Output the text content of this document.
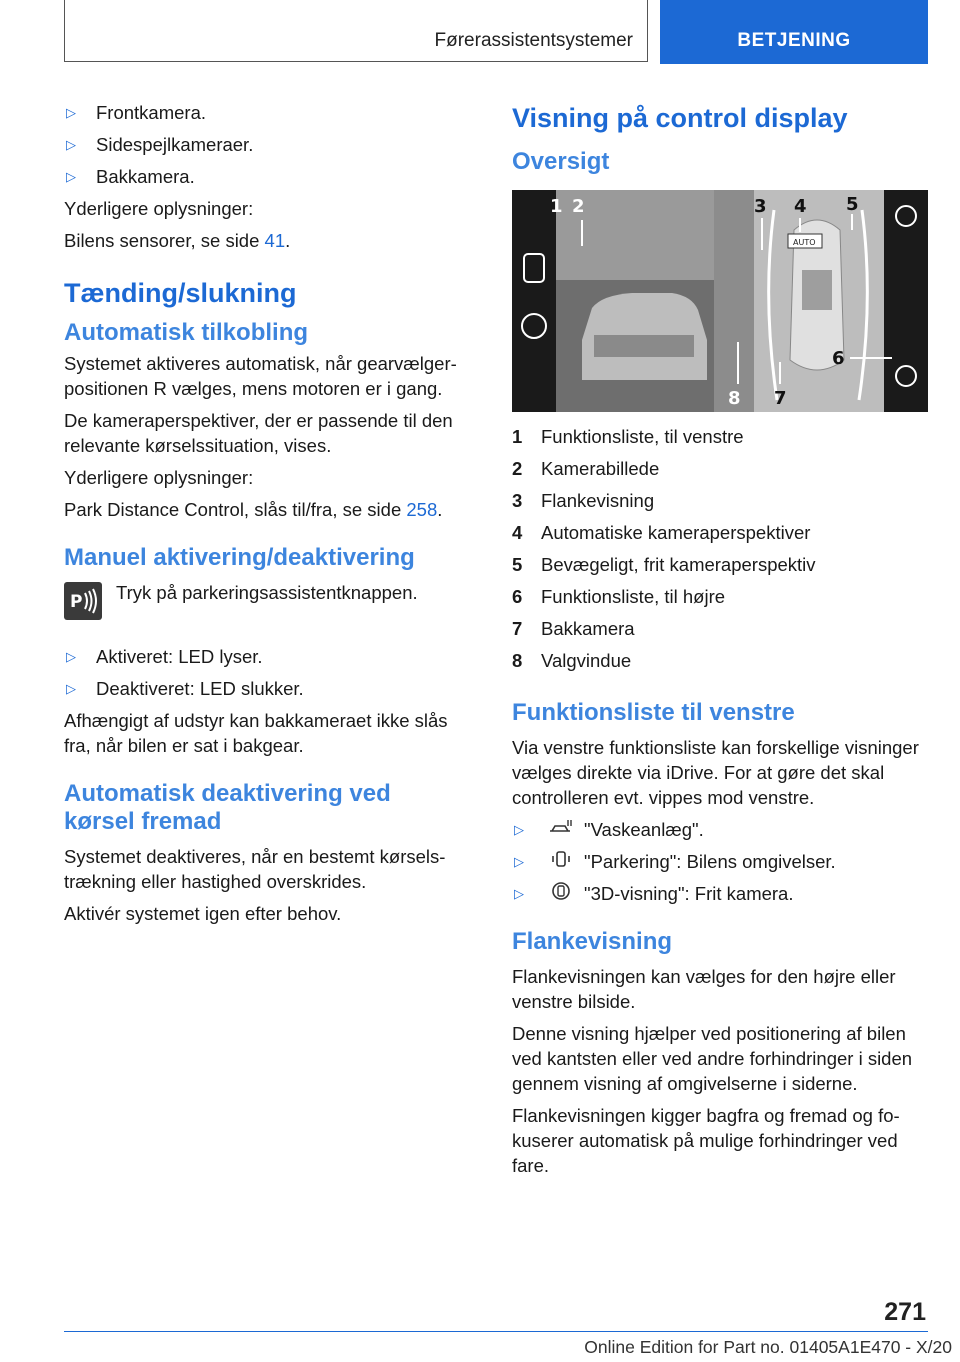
Førerassistentsystemer	BETJENING
▷	Frontkamera.
▷	Sidespejlkameraer.
▷	Bakkamera.

Yderligere oplysninger:

Bilens sensorer, se side 41.

Tænding/slukning
Automatisk tilkobling

Systemet aktiveres automatisk, når gearvælgerpositionen R vælges, mens motoren er i gang.

De kameraperspektiver, der er passende til den relevante kørselssituation, vises.

Yderligere oplysninger:

Park Distance Control, slås til/fra, se side 258.

Manuel aktivering/deaktivering
P Tryk på parkeringsassistentknappen.

▷	Aktiveret: LED lyser.
▷	Deaktiveret: LED slukker.

Afhængigt af udstyr kan bakkameraet ikke slås fra, når bilen er sat i bakgear.

Automatisk deaktivering ved kørsel fremad

Systemet deaktiveres, når en bestemt kørselstrækning eller hastighed overskrides.

Aktivér systemet igen efter behov.

Visning på control display
Oversigt
AUTO
1 2	3 4 5
6
7
8
1	Funktionsliste, til venstre
2	Kamerabillede
3	Flankevisning
4	Automatiske kameraperspektiver
5	Bevægeligt, frit kameraperspektiv
6	Funktionsliste, til højre
7	Bakkamera
8	Valgvindue
Funktionsliste til venstre

Via venstre funktionsliste kan forskellige visninger vælges direkte via iDrive. For at gøre det skal controlleren evt. vippes mod venstre.

▷	"Vaskeanlæg".
▷	"Parkering": Bilens omgivelser.
▷	"3D-visning": Frit kamera.
Flankevisning

Flankevisningen kan vælges for den højre eller venstre bilside.

Denne visning hjælper ved positionering af bilen ved kantsten eller ved andre forhindringer i siden gennem visning af omgivelserne i siderne.

Flankevisningen kigger bagfra og fremad og fokuserer automatisk på mulige forhindringer ved fare.

271
Online Edition for Part no. 01405A1E470 - X/20
